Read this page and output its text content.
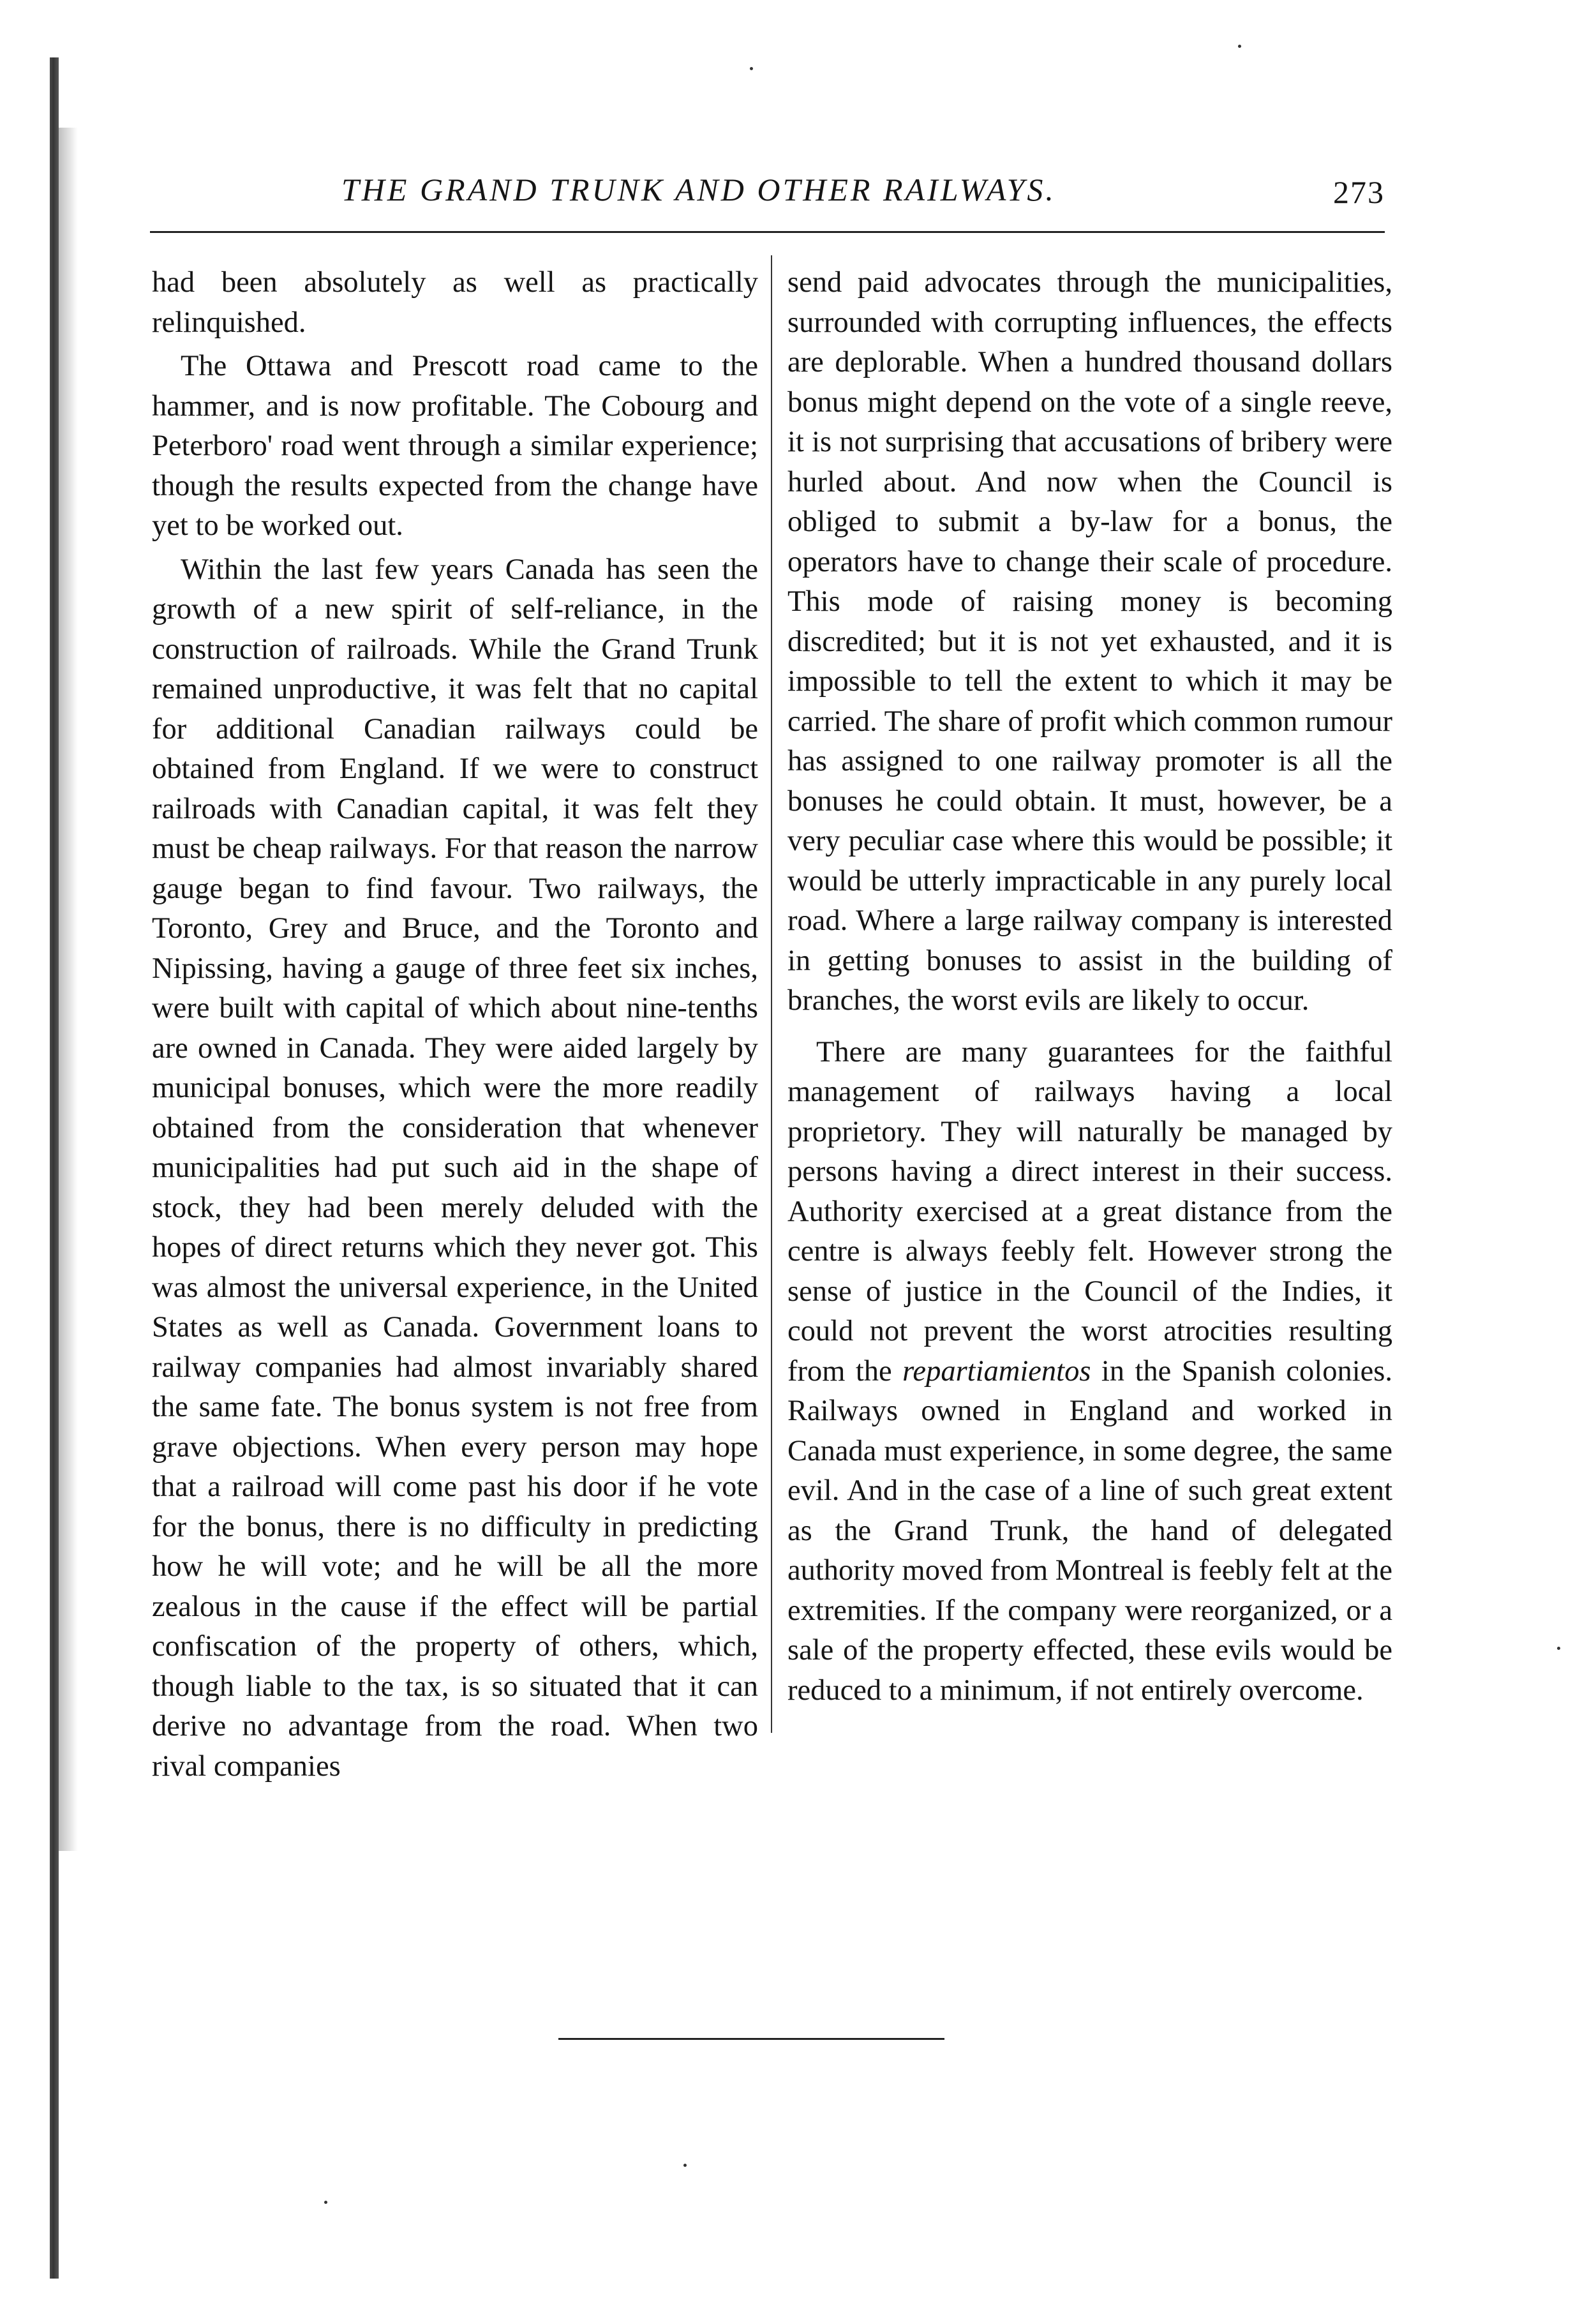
THE GRAND TRUNK AND OTHER RAILWAYS.	273

had been absolutely as well as practically relinquished.

The Ottawa and Prescott road came to the hammer, and is now profitable. The Cobourg and Peterboro' road went through a similar experience; though the results expected from the change have yet to be worked out.

Within the last few years Canada has seen the growth of a new spirit of self-reliance, in the construction of railroads. While the Grand Trunk remained unproductive, it was felt that no capital for additional Canadian railways could be obtained from England. If we were to construct railroads with Canadian capital, it was felt they must be cheap railways. For that reason the narrow gauge began to find favour. Two railways, the Toronto, Grey and Bruce, and the Toronto and Nipissing, having a gauge of three feet six inches, were built with capital of which about nine-tenths are owned in Canada. They were aided largely by municipal bonuses, which were the more readily obtained from the consideration that whenever municipalities had put such aid in the shape of stock, they had been merely deluded with the hopes of direct returns which they never got. This was almost the universal experience, in the United States as well as Canada. Government loans to railway companies had almost invariably shared the same fate. The bonus system is not free from grave objections. When every person may hope that a railroad will come past his door if he vote for the bonus, there is no difficulty in predicting how he will vote; and he will be all the more zealous in the cause if the effect will be partial confiscation of the property of others, which, though liable to the tax, is so situated that it can derive no advantage from the road. When two rival companies

send paid advocates through the municipalities, surrounded with corrupting influences, the effects are deplorable. When a hundred thousand dollars bonus might depend on the vote of a single reeve, it is not surprising that accusations of bribery were hurled about. And now when the Council is obliged to submit a by-law for a bonus, the operators have to change their scale of procedure. This mode of raising money is becoming discredited; but it is not yet exhausted, and it is impossible to tell the extent to which it may be carried. The share of profit which common rumour has assigned to one railway promoter is all the bonuses he could obtain. It must, however, be a very peculiar case where this would be possible; it would be utterly impracticable in any purely local road. Where a large railway company is interested in getting bonuses to assist in the building of branches, the worst evils are likely to occur.

There are many guarantees for the faithful management of railways having a local proprietory. They will naturally be managed by persons having a direct interest in their success. Authority exercised at a great distance from the centre is always feebly felt. However strong the sense of justice in the Council of the Indies, it could not prevent the worst atrocities resulting from the repartiamientos in the Spanish colonies. Railways owned in England and worked in Canada must experience, in some degree, the same evil. And in the case of a line of such great extent as the Grand Trunk, the hand of delegated authority moved from Montreal is feebly felt at the extremities. If the company were reorganized, or a sale of the property effected, these evils would be reduced to a minimum, if not entirely overcome.
